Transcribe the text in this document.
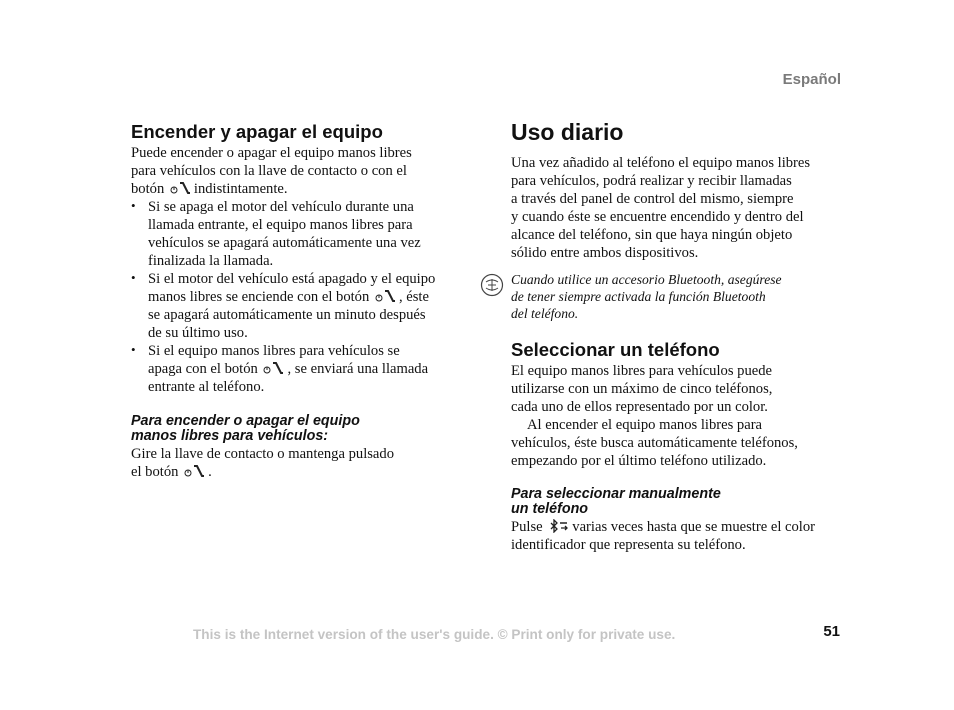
Español
Encender y apagar el equipo

Puede encender o apagar el equipo manos libres

para vehículos con la llave de contacto o con el

botón indistintamente.

• Si se apaga el motor del vehículo durante una

llamada entrante, el equipo manos libres para

vehículos se apagará automáticamente una vez

finalizada la llamada.

• Si el motor del vehículo está apagado y el equipo

manos libres se enciende con el botón , éste

se apagará automáticamente un minuto después

de su último uso.

• Si el equipo manos libres para vehículos se

apaga con el botón , se enviará una llamada

entrante al teléfono.

Para encender o apagar el equipo

manos libres para vehículos:

Gire la llave de contacto o mantenga pulsado

el botón .

Uso diario

Una vez añadido al teléfono el equipo manos libres

para vehículos, podrá realizar y recibir llamadas

a través del panel de control del mismo, siempre

y cuando éste se encuentre encendido y dentro del

alcance del teléfono, sin que haya ningún objeto

sólido entre ambos dispositivos.

Cuando utilice un accesorio Bluetooth, asegúrese

de tener siempre activada la función Bluetooth

del teléfono.

Seleccionar un teléfono

El equipo manos libres para vehículos puede

utilizarse con un máximo de cinco teléfonos,

cada uno de ellos representado por un color.

Al encender el equipo manos libres para

vehículos, éste busca automáticamente teléfonos,

empezando por el último teléfono utilizado.

Para seleccionar manualmente

un teléfono

Pulse varias veces hasta que se muestre el color

identificador que representa su teléfono.

This is the Internet version of the user's guide. © Print only for private use.	51
